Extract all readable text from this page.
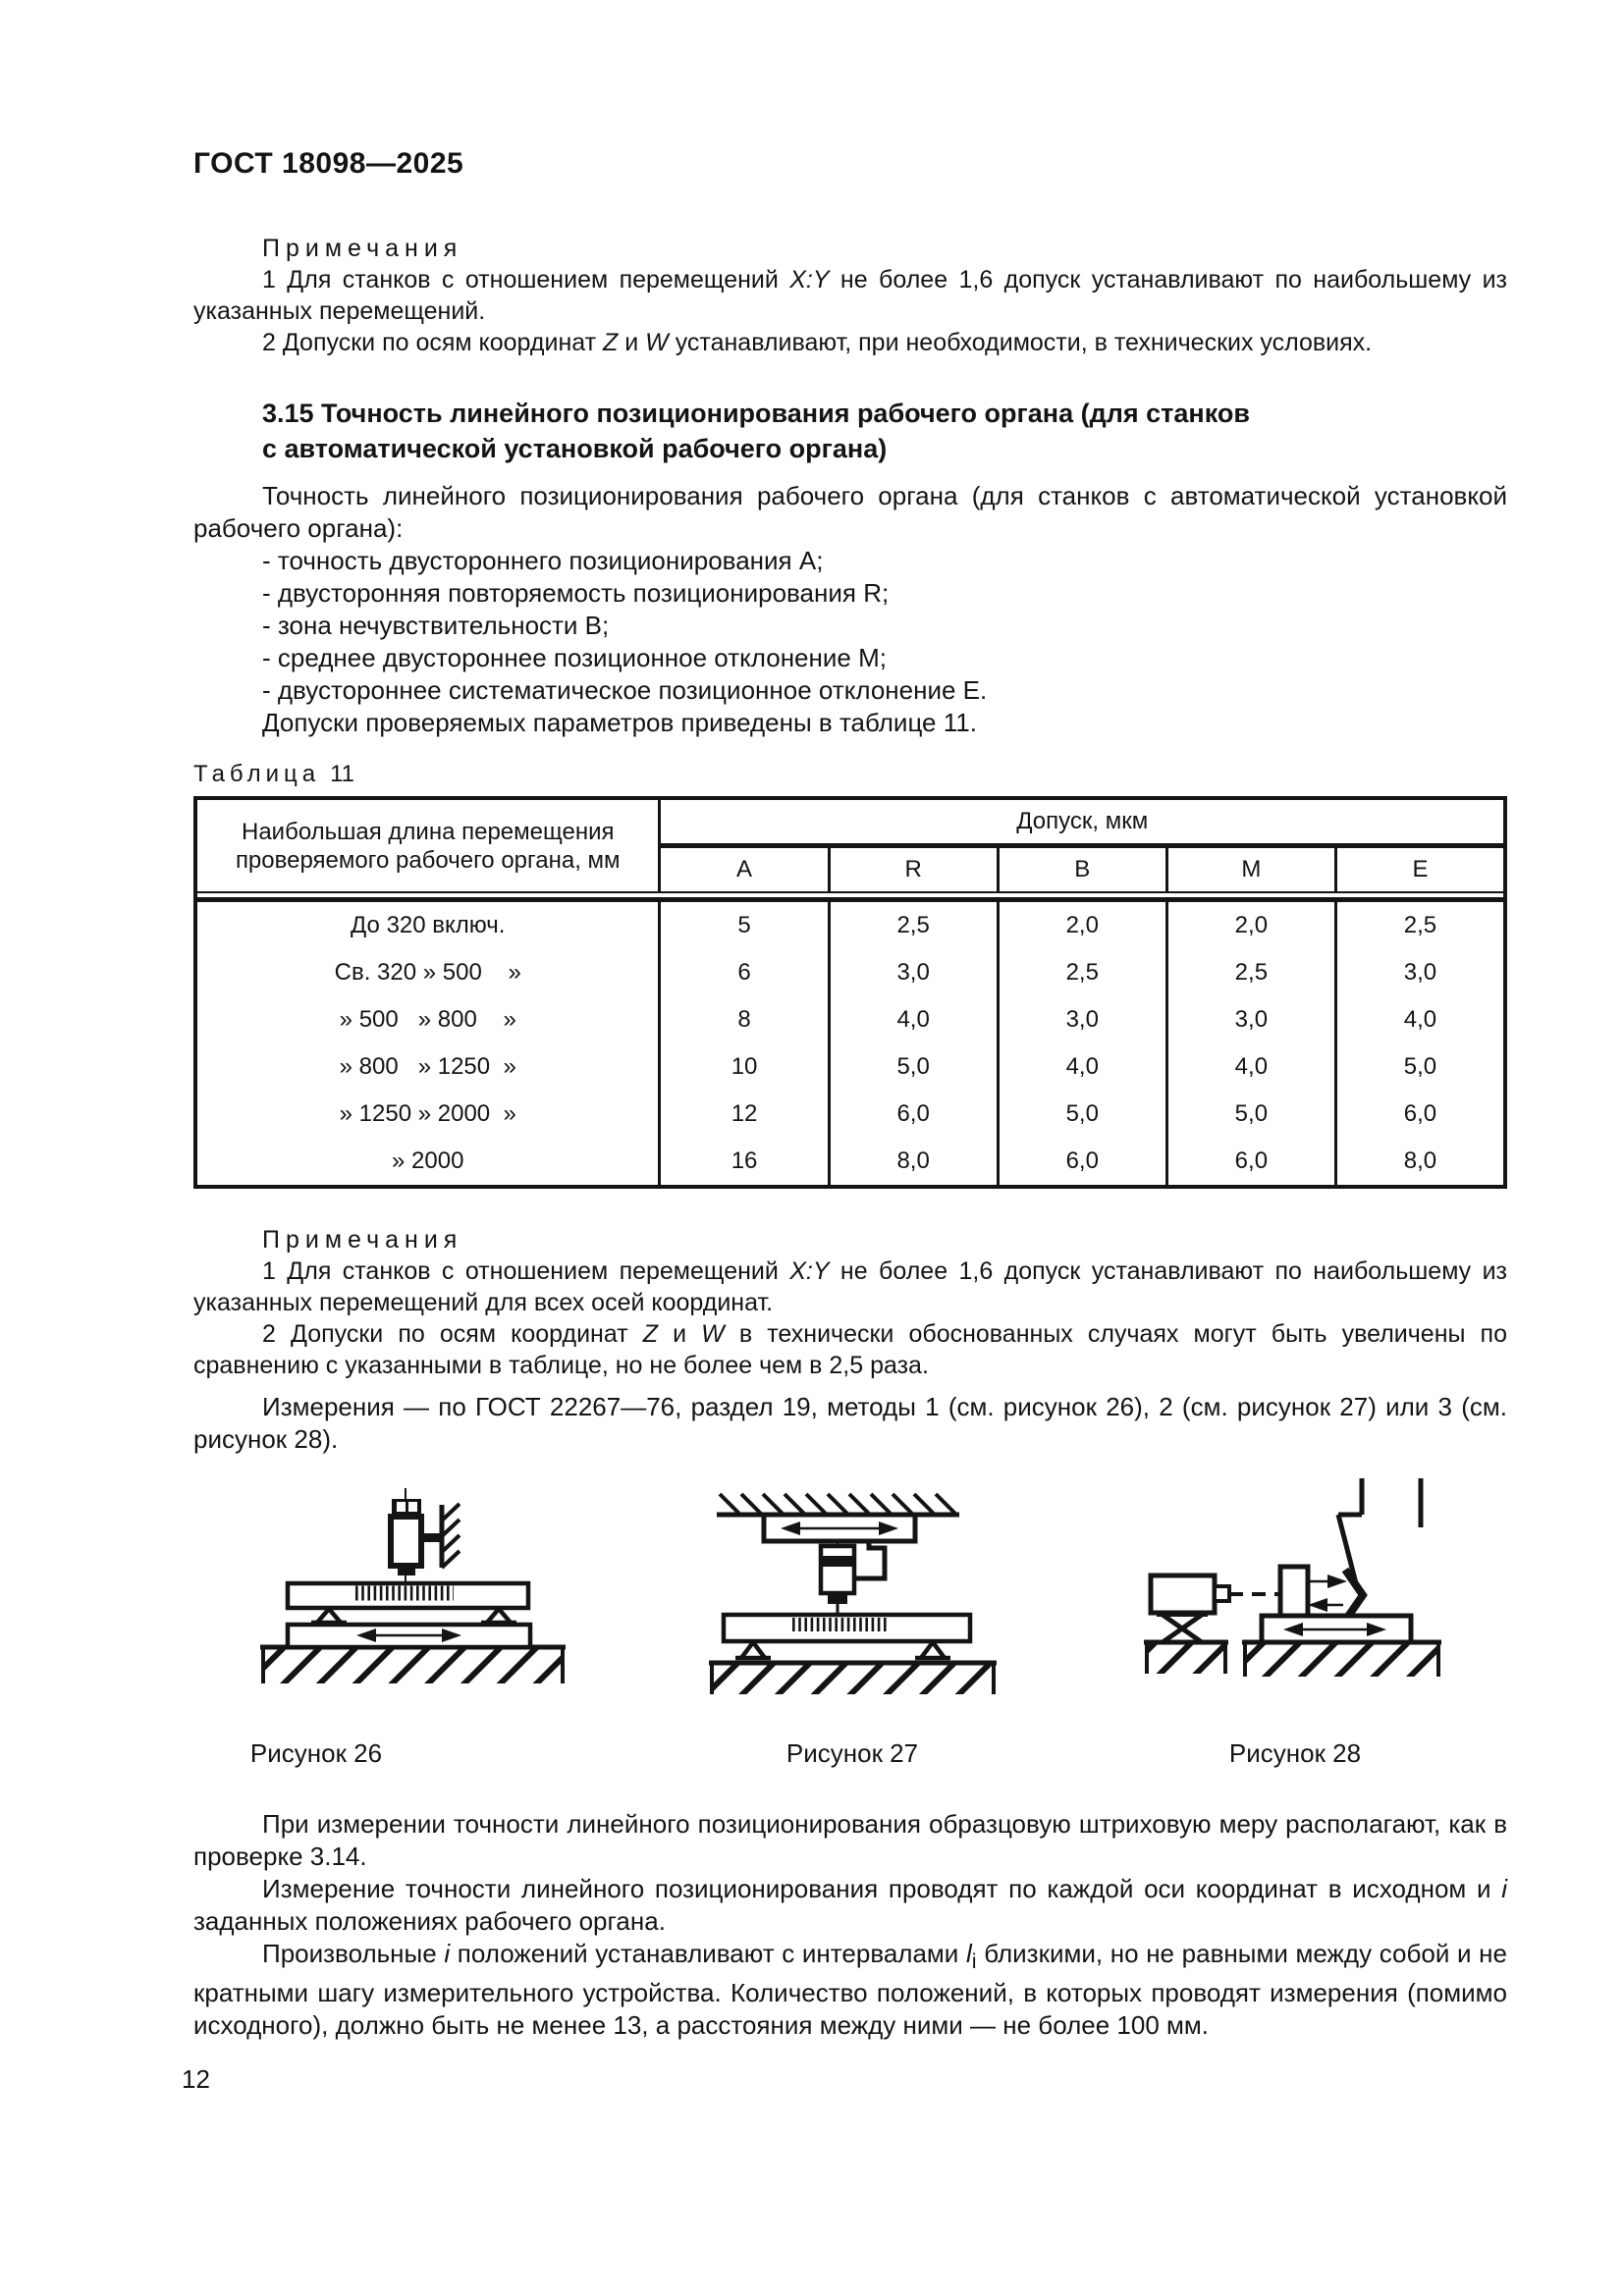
ГОСТ 18098—2025
Примечания

1 Для станков с отношением перемещений X:Y не более 1,6 допуск устанавливают по наибольшему из указанных перемещений.

2 Допуски по осям координат Z и W устанавливают, при необходимости, в технических условиях.

3.15 Точность линейного позиционирования рабочего органа (для станков
с автоматической установкой рабочего органа)

Точность линейного позиционирования рабочего органа (для станков с автоматической установкой рабочего органа):

- точность двустороннего позиционирования А;
- двусторонняя повторяемость позиционирования R;
- зона нечувствительности В;
- среднее двустороннее позиционное отклонение М;
- двустороннее систематическое позиционное отклонение Е.
Допуски проверяемых параметров приведены в таблице 11.
Таблица 11
Наибольшая длина перемещения
проверяемого рабочего органа, мм
Допуск, мкм
А	R	В	М	Е
До 320 включ.	5	2,5	2,0	2,0	2,5
Св. 320 » 500    »	6	3,0	2,5	2,5	3,0
» 500   » 800    »	8	4,0	3,0	3,0	4,0
» 800   » 1250  »	10	5,0	4,0	4,0	5,0
» 1250 » 2000  »	12	6,0	5,0	5,0	6,0
» 2000	16	8,0	6,0	6,0	8,0
Примечания

1 Для станков с отношением перемещений X:Y не более 1,6 допуск устанавливают по наибольшему из указанных перемещений для всех осей координат.

2 Допуски по осям координат Z и W в технически обоснованных случаях могут быть увеличены по сравнению с указанными в таблице, но не более чем в 2,5 раза.

Измерения — по ГОСТ 22267—76, раздел 19, методы 1 (см. рисунок 26), 2 (см. рисунок 27) или 3 (см. рисунок 28).

Рисунок 26	Рисунок 27	Рисунок 28

При измерении точности линейного позиционирования образцовую штриховую меру располагают, как в проверке 3.14.

Измерение точности линейного позиционирования проводят по каждой оси координат в исходном и i заданных положениях рабочего органа.

Произвольные i положений устанавливают с интервалами $l_i$ близкими, но не равными между собой и не кратными шагу измерительного устройства. Количество положений, в которых проводят измерения (помимо исходного), должно быть не менее 13, а расстояния между ними — не более 100 мм.

12
